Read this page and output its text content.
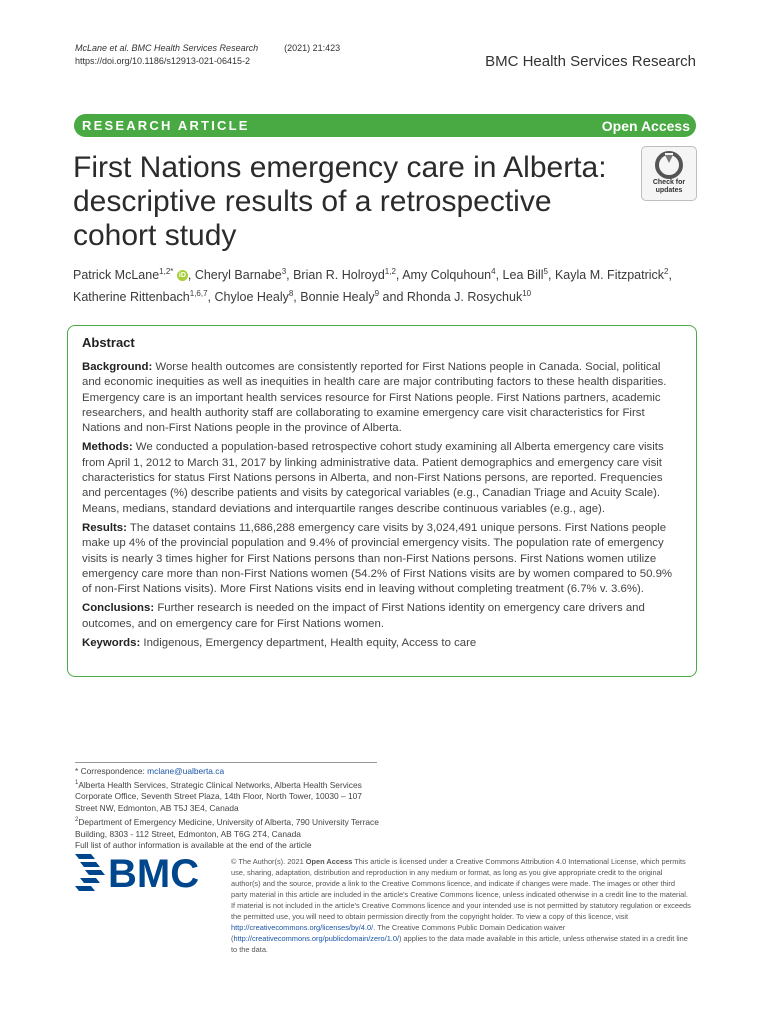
McLane et al. BMC Health Services Research	(2021) 21:423
https://doi.org/10.1186/s12913-021-06415-2	BMC Health Services Research
RESEARCH ARTICLE	Open Access
First Nations emergency care in Alberta: descriptive results of a retrospective cohort study
Check for
updates
Patrick McLane$^{1,2*}$ iD , Cheryl Barnabe$^3$, Brian R. Holroyd$^{1,2}$, Amy Colquhoun$^4$, Lea Bill$^5$, Kayla M. Fitzpatrick$^2$, Katherine Rittenbach$^{1,6,7}$, Chyloe Healy$^8$, Bonnie Healy$^9$ and Rhonda J. Rosychuk$^{10}$
Abstract

Background: Worse health outcomes are consistently reported for First Nations people in Canada. Social, political and economic inequities as well as inequities in health care are major contributing factors to these health disparities. Emergency care is an important health services resource for First Nations people. First Nations partners, academic researchers, and health authority staff are collaborating to examine emergency care visit characteristics for First Nations and non-First Nations people in the province of Alberta.

Methods: We conducted a population-based retrospective cohort study examining all Alberta emergency care visits from April 1, 2012 to March 31, 2017 by linking administrative data. Patient demographics and emergency care visit characteristics for status First Nations persons in Alberta, and non-First Nations persons, are reported. Frequencies and percentages (%) describe patients and visits by categorical variables (e.g., Canadian Triage and Acuity Scale). Means, medians, standard deviations and interquartile ranges describe continuous variables (e.g., age).

Results: The dataset contains 11,686,288 emergency care visits by 3,024,491 unique persons. First Nations people make up 4% of the provincial population and 9.4% of provincial emergency visits. The population rate of emergency visits is nearly 3 times higher for First Nations persons than non-First Nations persons. First Nations women utilize emergency care more than non-First Nations women (54.2% of First Nations visits are by women compared to 50.9% of non-First Nations visits). More First Nations visits end in leaving without completing treatment (6.7% v. 3.6%).

Conclusions: Further research is needed on the impact of First Nations identity on emergency care drivers and outcomes, and on emergency care for First Nations women.

Keywords: Indigenous, Emergency department, Health equity, Access to care

* Correspondence: mclane@ualberta.ca

$^1$Alberta Health Services, Strategic Clinical Networks, Alberta Health Services Corporate Office, Seventh Street Plaza, 14th Floor, North Tower, 10030 – 107 Street NW, Edmonton, AB T5J 3E4, Canada

$^2$Department of Emergency Medicine, University of Alberta, 790 University Terrace Building, 8303 - 112 Street, Edmonton, AB T6G 2T4, Canada

Full list of author information is available at the end of the article

BMC	© The Author(s). 2021 Open Access This article is licensed under a Creative Commons Attribution 4.0 International License, which permits use, sharing, adaptation, distribution and reproduction in any medium or format, as long as you give appropriate credit to the original author(s) and the source, provide a link to the Creative Commons licence, and indicate if changes were made. The images or other third party material in this article are included in the article's Creative Commons licence, unless indicated otherwise in a credit line to the material. If material is not included in the article's Creative Commons licence and your intended use is not permitted by statutory regulation or exceeds the permitted use, you will need to obtain permission directly from the copyright holder. To view a copy of this licence, visit http://creativecommons.org/licenses/by/4.0/. The Creative Commons Public Domain Dedication waiver (http://creativecommons.org/publicdomain/zero/1.0/) applies to the data made available in this article, unless otherwise stated in a credit line to the data.
